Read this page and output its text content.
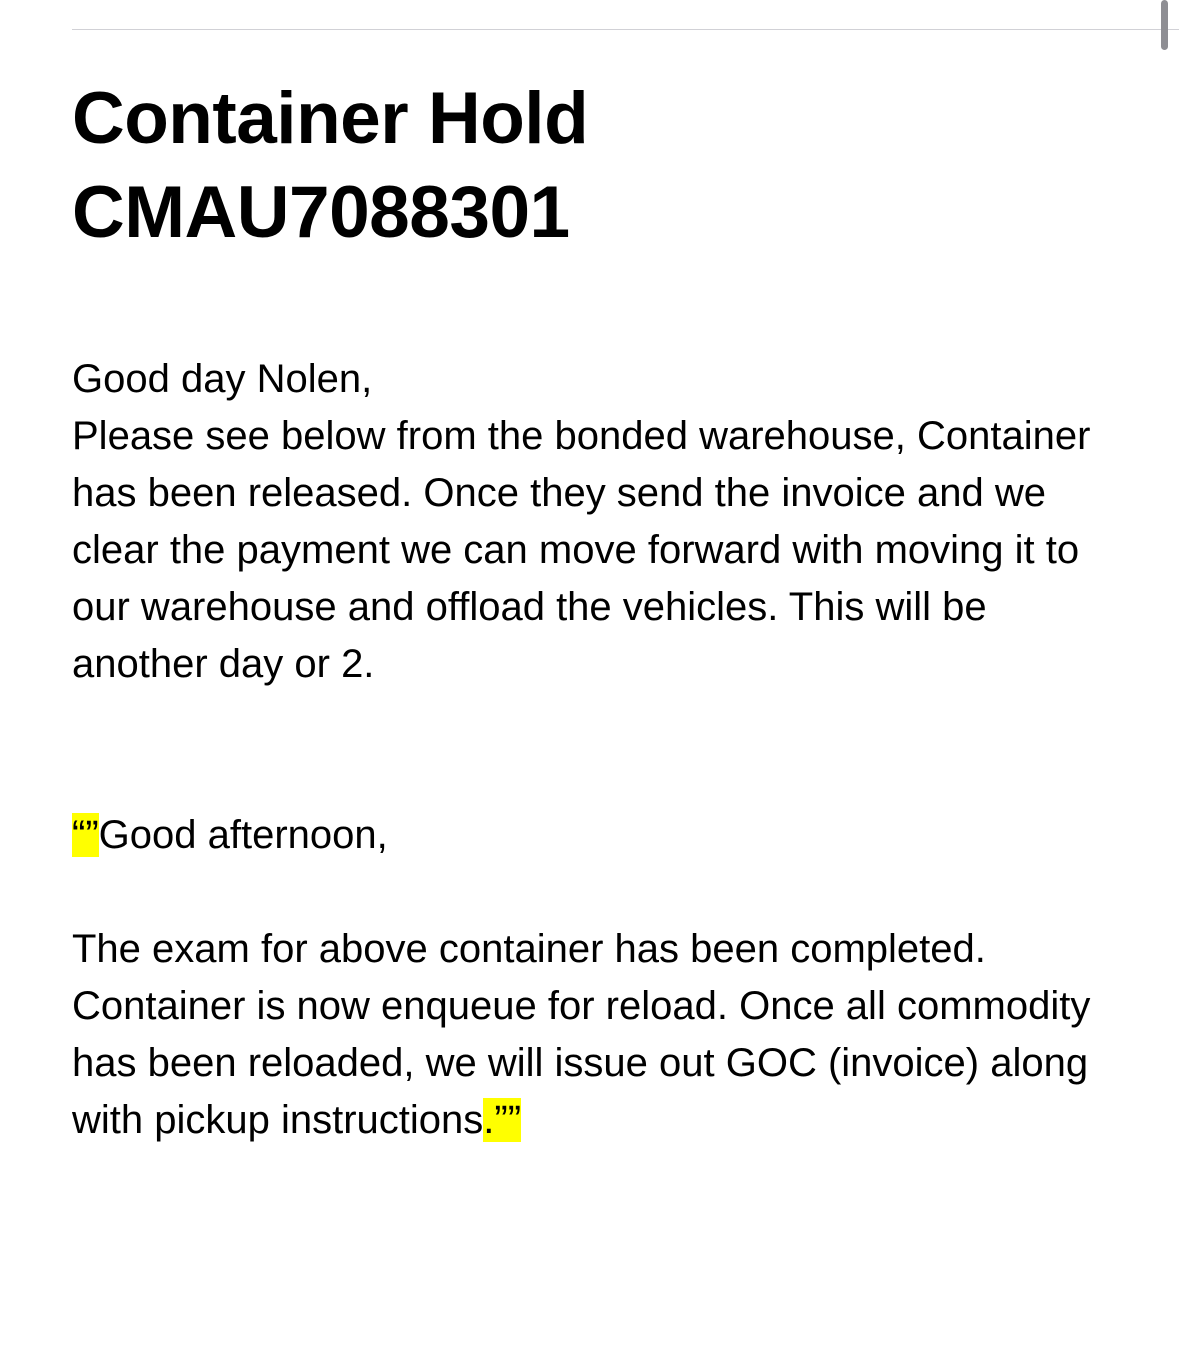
Container Hold
CMAU7088301

Good day Nolen,

Please see below from the bonded warehouse, Container has been released. Once they send the invoice and we clear the payment we can move forward with moving it to our warehouse and offload the vehicles. This will be another day or 2.

“”Good afternoon,

The exam for above container has been completed. Container is now enqueue for reload. Once all commodity has been reloaded, we will issue out GOC (invoice) along with pickup instructions.””
